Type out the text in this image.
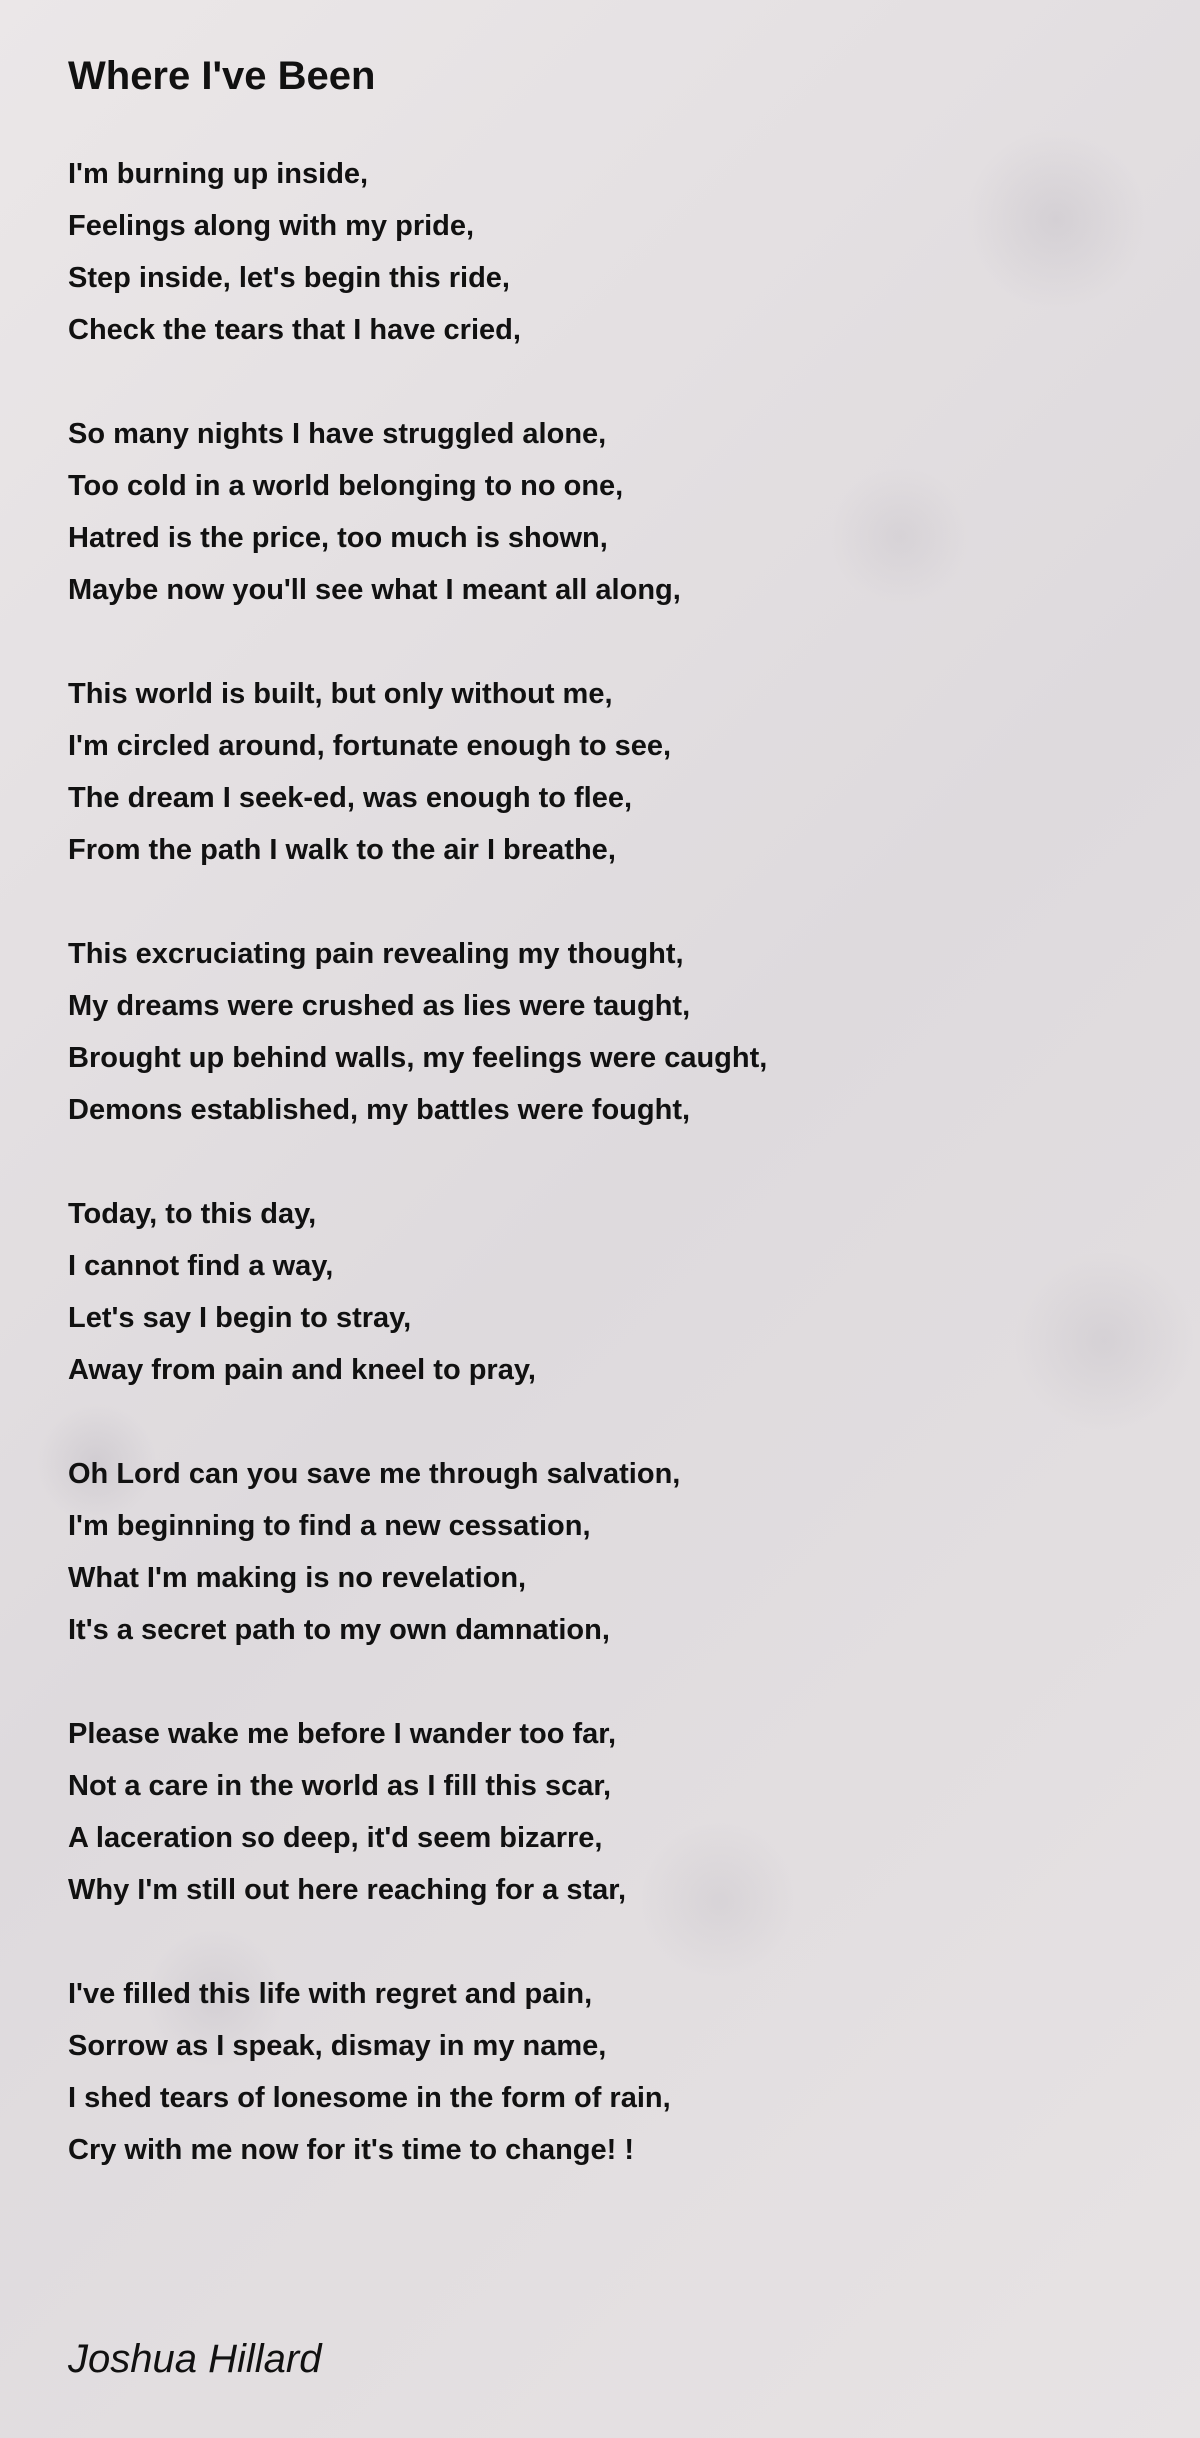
Where I've Been
I'm burning up inside,
Feelings along with my pride,
Step inside, let's begin this ride,
Check the tears that I have cried,
So many nights I have struggled alone,
Too cold in a world belonging to no one,
Hatred is the price, too much is shown,
Maybe now you'll see what I meant all along,
This world is built, but only without me,
I'm circled around, fortunate enough to see,
The dream I seek-ed, was enough to flee,
From the path I walk to the air I breathe,
This excruciating pain revealing my thought,
My dreams were crushed as lies were taught,
Brought up behind walls, my feelings were caught,
Demons established, my battles were fought,
Today, to this day,
I cannot find a way,
Let's say I begin to stray,
Away from pain and kneel to pray,
Oh Lord can you save me through salvation,
I'm beginning to find a new cessation,
What I'm making is no revelation,
It's a secret path to my own damnation,
Please wake me before I wander too far,
Not a care in the world as I fill this scar,
A laceration so deep, it'd seem bizarre,
Why I'm still out here reaching for a star,
I've filled this life with regret and pain,
Sorrow as I speak, dismay in my name,
I shed tears of lonesome in the form of rain,
Cry with me now for it's time to change! !
Joshua Hillard
